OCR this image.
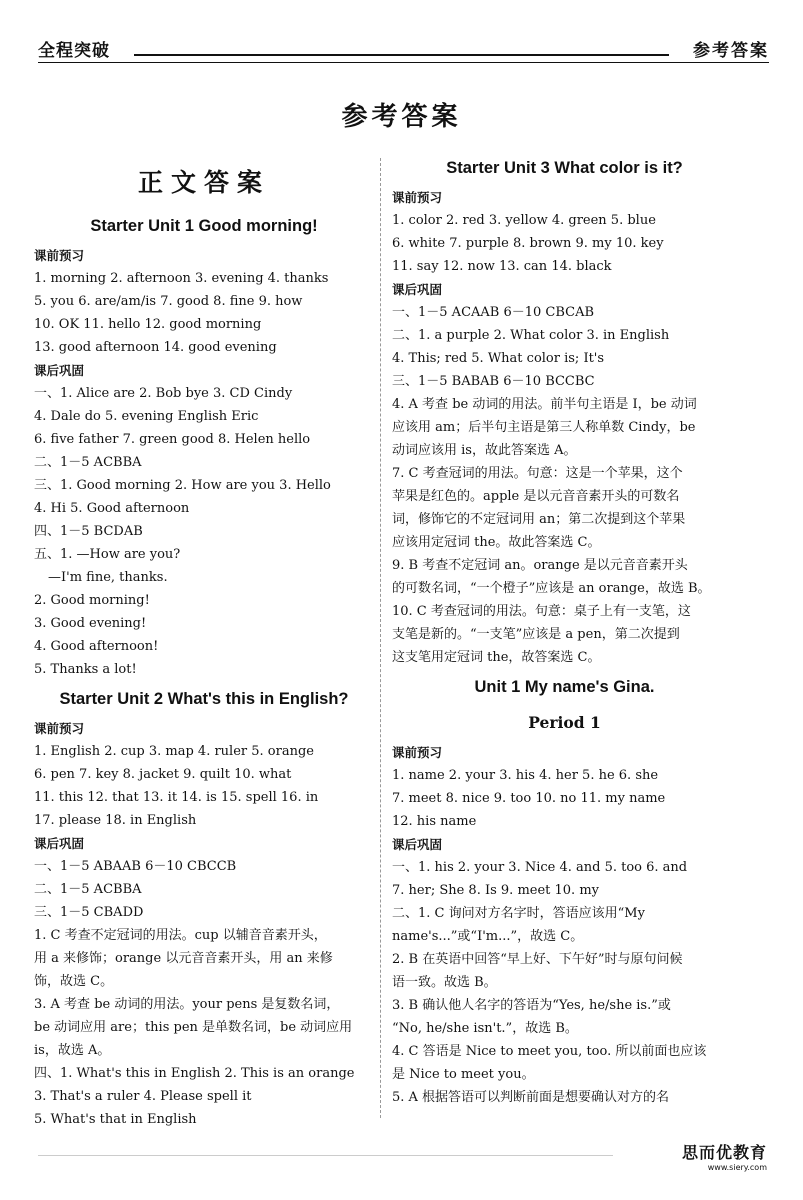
全程突破	参考答案
参考答案
正文答案
Starter Unit 1 Good morning!
课前预习
1. morning 2. afternoon 3. evening 4. thanks
5. you 6. are/am/is 7. good 8. fine 9. how
10. OK 11. hello 12. good morning
13. good afternoon 14. good evening
课后巩固
一、1. Alice are 2. Bob bye 3. CD Cindy
4. Dale do 5. evening English Eric
6. five father 7. green good 8. Helen hello
二、1－5 ACBBA
三、1. Good morning 2. How are you 3. Hello
4. Hi 5. Good afternoon
四、1－5 BCDAB
五、1. —How are you?
—I'm fine, thanks.
2. Good morning!
3. Good evening!
4. Good afternoon!
5. Thanks a lot!
Starter Unit 2 What's this in English?
课前预习
1. English 2. cup 3. map 4. ruler 5. orange
6. pen 7. key 8. jacket 9. quilt 10. what
11. this 12. that 13. it 14. is 15. spell 16. in
17. please 18. in English
课后巩固
一、1－5 ABAAB 6－10 CBCCB
二、1－5 ACBBA
三、1－5 CBADD
1. C 考查不定冠词的用法。cup 以辅音音素开头，
用 a 来修饰；orange 以元音音素开头，用 an 来修
饰，故选 C。
3. A 考查 be 动词的用法。your pens 是复数名词，
be 动词应用 are；this pen 是单数名词，be 动词应用
is，故选 A。
四、1. What's this in English 2. This is an orange
3. That's a ruler 4. Please spell it
5. What's that in English
Starter Unit 3 What color is it?
课前预习
1. color 2. red 3. yellow 4. green 5. blue
6. white 7. purple 8. brown 9. my 10. key
11. say 12. now 13. can 14. black
课后巩固
一、1－5 ACAAB 6－10 CBCAB
二、1. a purple 2. What color 3. in English
4. This; red 5. What color is; It's
三、1－5 BABAB 6－10 BCCBC
4. A 考查 be 动词的用法。前半句主语是 I，be 动词
应该用 am；后半句主语是第三人称单数 Cindy，be
动词应该用 is，故此答案选 A。
7. C 考查冠词的用法。句意：这是一个苹果，这个
苹果是红色的。apple 是以元音音素开头的可数名
词，修饰它的不定冠词用 an；第二次提到这个苹果
应该用定冠词 the。故此答案选 C。
9. B 考查不定冠词 an。orange 是以元音音素开头
的可数名词，“一个橙子”应该是 an orange，故选 B。
10. C 考查冠词的用法。句意：桌子上有一支笔，这
支笔是新的。“一支笔”应该是 a pen，第二次提到
这支笔用定冠词 the，故答案选 C。
Unit 1 My name's Gina.
Period 1
课前预习
1. name 2. your 3. his 4. her 5. he 6. she
7. meet 8. nice 9. too 10. no 11. my name
12. his name
课后巩固
一、1. his 2. your 3. Nice 4. and 5. too 6. and
7. her; She 8. Is 9. meet 10. my
二、1. C 询问对方名字时，答语应该用“My
name's...”或“I'm...”，故选 C。
2. B 在英语中回答“早上好、下午好”时与原句问候
语一致。故选 B。
3. B 确认他人名字的答语为“Yes, he/she is.”或
“No, he/she isn't.”，故选 B。
4. C 答语是 Nice to meet you, too. 所以前面也应该
是 Nice to meet you。
5. A 根据答语可以判断前面是想要确认对方的名
思而优教育
www.siery.com
